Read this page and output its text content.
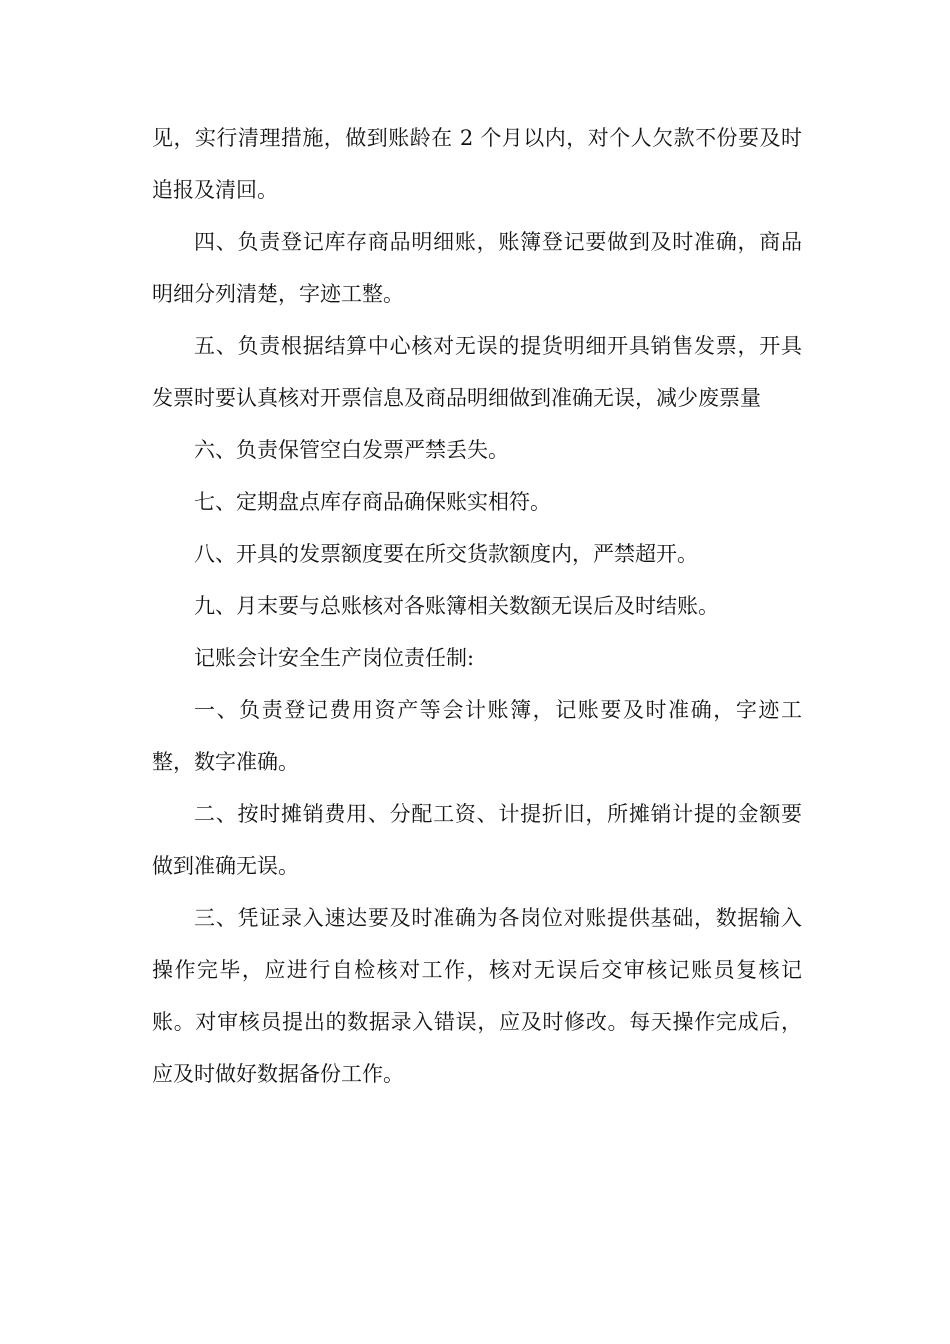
见，实行清理措施，做到账龄在 2 个月以内，对个人欠款不份要及时追报及清回。

四、负责登记库存商品明细账，账簿登记要做到及时准确，商品明细分列清楚，字迹工整。

五、负责根据结算中心核对无误的提货明细开具销售发票，开具发票时要认真核对开票信息及商品明细做到准确无误，减少废票量

六、负责保管空白发票严禁丢失。

七、定期盘点库存商品确保账实相符。

八、开具的发票额度要在所交货款额度内，严禁超开。

九、月末要与总账核对各账簿相关数额无误后及时结账。

记账会计安全生产岗位责任制:

一、负责登记费用资产等会计账簿，记账要及时准确，字迹工整，数字准确。

二、按时摊销费用、分配工资、计提折旧，所摊销计提的金额要做到准确无误。

三、凭证录入速达要及时准确为各岗位对账提供基础，数据输入操作完毕，应进行自检核对工作，核对无误后交审核记账员复核记账。对审核员提出的数据录入错误，应及时修改。每天操作完成后，应及时做好数据备份工作。
